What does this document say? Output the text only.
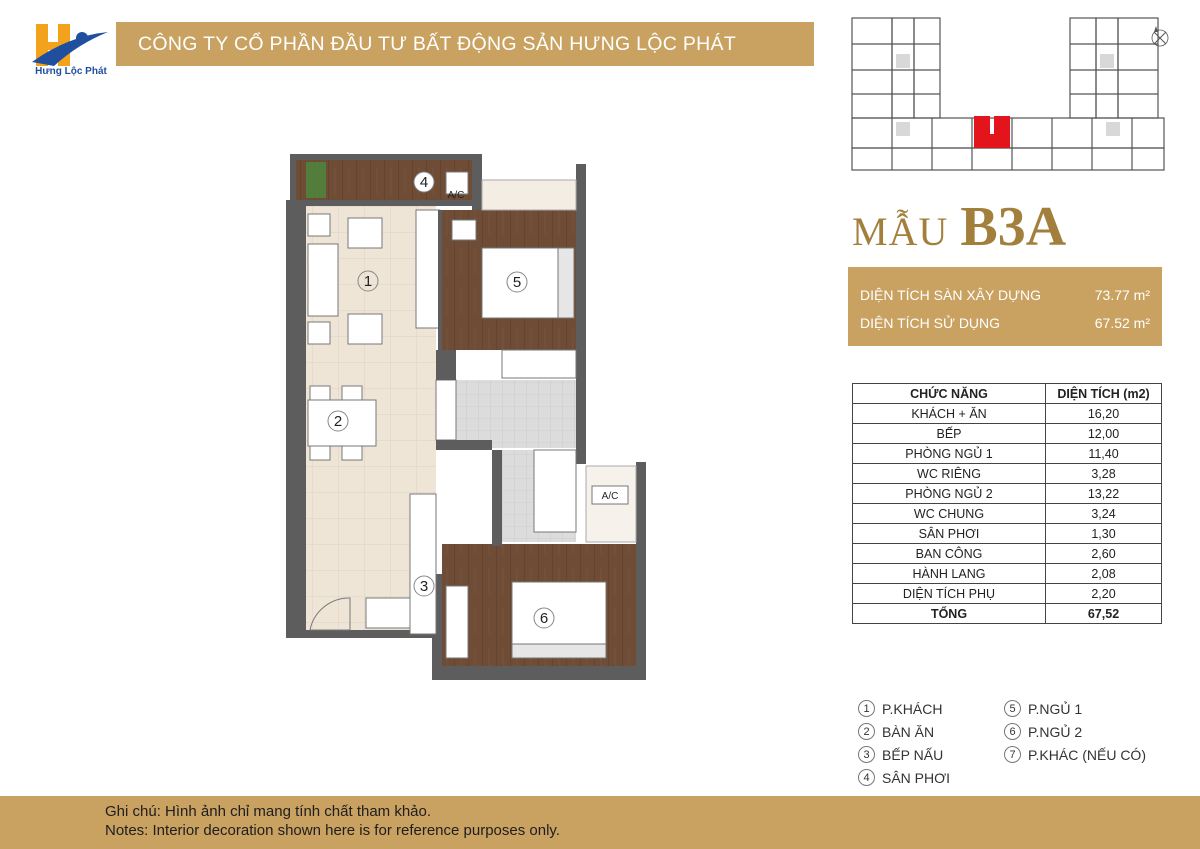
Hưng Lộc Phát
CÔNG TY CỔ PHẦN ĐẦU TƯ BẤT ĐỘNG SẢN HƯNG LỘC PHÁT
MẪU B3A
DIỆN TÍCH SÀN XÂY DỰNG	73.77 m²
DIỆN TÍCH SỬ DỤNG	67.52 m²
CHỨC NĂNG	DIỆN TÍCH (m2)
KHÁCH + ĂN	16,20
BẾP	12,00
PHÒNG NGỦ 1	11,40
WC RIÊNG	3,28
PHÒNG NGỦ 2	13,22
WC CHUNG	3,24
SÂN PHƠI	1,30
BAN CÔNG	2,60
HÀNH LANG	2,08
DIỆN TÍCH PHỤ	2,20
TỔNG	67,52
1 P.KHÁCH
2 BÀN ĂN
3 BẾP NẤU
4 SÂN PHƠI
5 P.NGỦ 1
6 P.NGỦ 2
7 P.KHÁC (NẾU CÓ)
1
2
3
4
5
6
A/C
A/C
Ghi chú: Hình ảnh chỉ mang tính chất tham khảo.
Notes: Interior decoration shown here is for reference purposes only.
